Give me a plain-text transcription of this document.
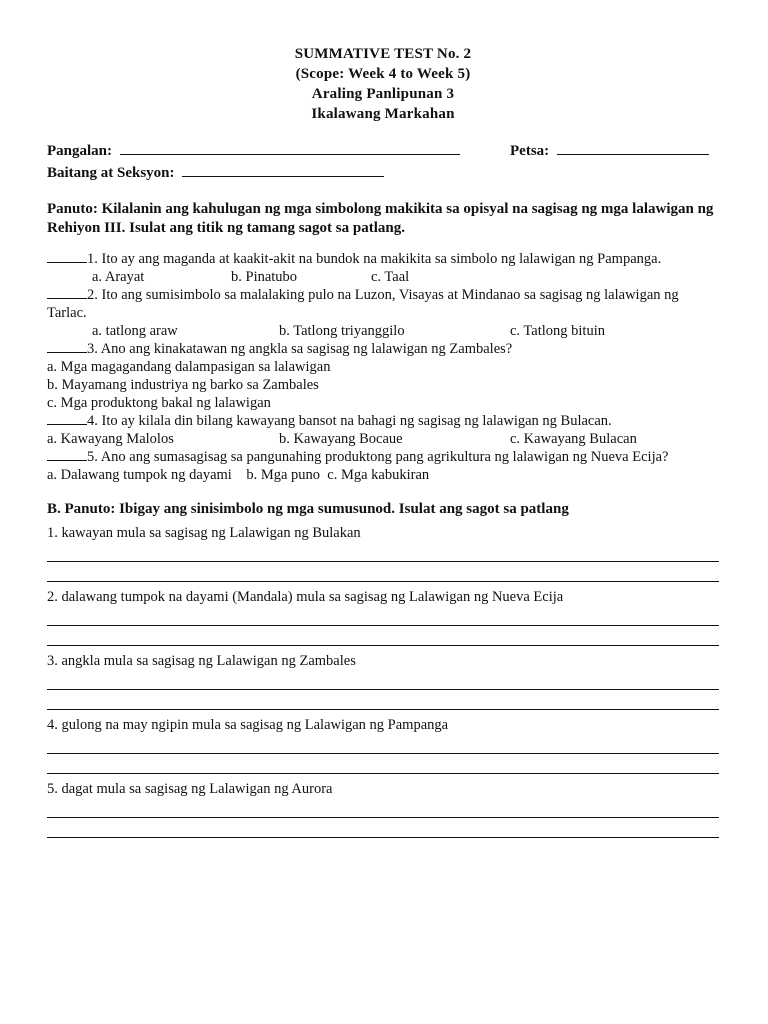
SUMMATIVE TEST No. 2
(Scope: Week 4 to Week 5)
Araling Panlipunan 3
Ikalawang Markahan
Pangalan:	Petsa:
Baitang at Seksyon:
Panuto: Kilalanin ang kahulugan ng mga simbolong makikita sa opisyal na sagisag ng mga lalawigan ng Rehiyon III. Isulat ang titik ng tamang sagot sa patlang.
1. Ito ay ang maganda at kaakit-akit na bundok na makikita sa simbolo ng lalawigan ng Pampanga.
a. Arayat	b. Pinatubo	c. Taal
2. Ito ang sumisimbolo sa malalaking pulo na Luzon, Visayas at Mindanao sa sagisag ng lalawigan ng Tarlac.
a. tatlong araw	b. Tatlong triyanggilo	c. Tatlong bituin
3. Ano ang kinakatawan ng angkla sa sagisag ng lalawigan ng Zambales?
a. Mga magagandang dalampasigan sa lalawigan
b. Mayamang industriya ng barko sa Zambales
c. Mga produktong bakal ng lalawigan
4. Ito ay kilala din bilang kawayang bansot na bahagi ng sagisag ng lalawigan ng Bulacan.
a. Kawayang Malolos	b. Kawayang Bocaue	c. Kawayang Bulacan
5. Ano ang sumasagisag sa pangunahing produktong pang agrikultura ng lalawigan ng Nueva Ecija?
a. Dalawang tumpok ng dayami    b. Mga puno  c. Mga kabukiran
B. Panuto: Ibigay ang sinisimbolo ng mga sumusunod. Isulat ang sagot sa patlang
1. kawayan mula sa sagisag ng Lalawigan ng Bulakan
2. dalawang tumpok na dayami (Mandala) mula sa sagisag ng Lalawigan ng Nueva Ecija
3. angkla mula sa sagisag ng Lalawigan ng Zambales
4. gulong na may ngipin mula sa sagisag ng Lalawigan ng Pampanga
5. dagat mula sa sagisag ng Lalawigan ng Aurora
